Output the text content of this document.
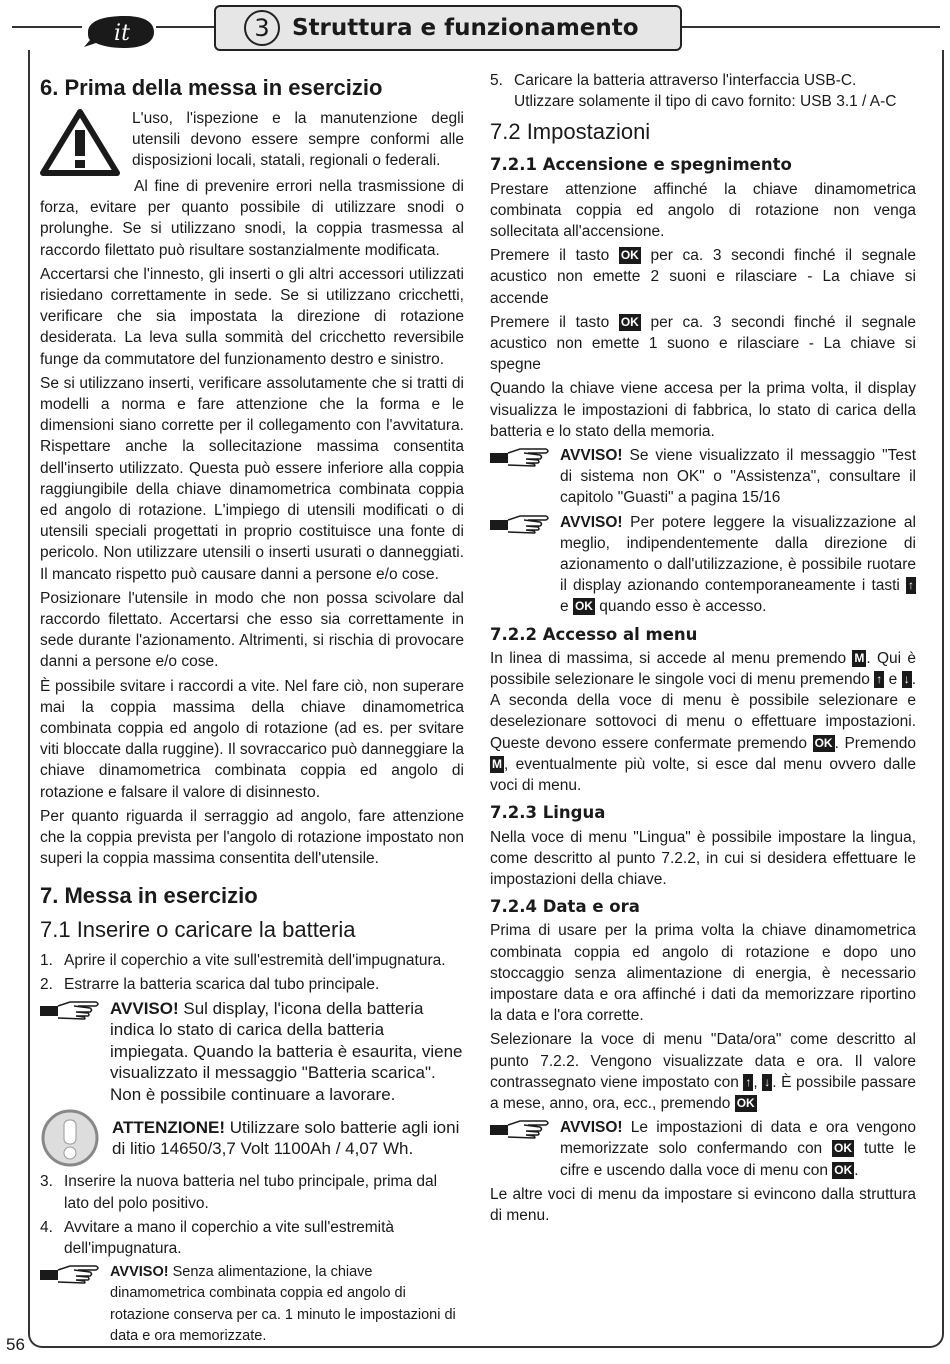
it	3 Struttura e funzionamento
56
6. Prima della messa in esercizio

L'uso, l'ispezione e la manutenzione degli utensili devono essere sempre conformi alle disposizioni locali, statali, regionali o federali.

Al fine di prevenire errori nella trasmissione di forza, evitare per quanto possibile di utilizzare snodi o prolunghe. Se si utilizzano snodi, la coppia trasmessa al raccordo filettato può risultare sostanzialmente modificata.

Accertarsi che l'innesto, gli inserti o gli altri accessori utilizzati risiedano correttamente in sede. Se si utilizzano cricchetti, verificare che sia impostata la direzione di rotazione desiderata. La leva sulla sommità del cricchetto reversibile funge da commutatore del funzionamento destro e sinistro.

Se si utilizzano inserti, verificare assolutamente che si tratti di modelli a norma e fare attenzione che la forma e le dimensioni siano corrette per il collegamento con l'avvitatura. Rispettare anche la sollecitazione massima consentita dell'inserto utilizzato. Questa può essere inferiore alla coppia raggiungibile della chiave dinamometrica combinata coppia ed angolo di rotazione. L'impiego di utensili modificati o di utensili speciali progettati in proprio costituisce una fonte di pericolo. Non utilizzare utensili o inserti usurati o danneggiati. Il mancato rispetto può causare danni a persone e/o cose.

Posizionare l'utensile in modo che non possa scivolare dal raccordo filettato. Accertarsi che esso sia correttamente in sede durante l'azionamento. Altrimenti, si rischia di provocare danni a persone e/o cose.

È possibile svitare i raccordi a vite. Nel fare ciò, non superare mai la coppia massima della chiave dinamometrica combinata coppia ed angolo di rotazione (ad es. per svitare viti bloccate dalla ruggine). Il sovraccarico può danneggiare la chiave dinamometrica combinata coppia ed angolo di rotazione e falsare il valore di disinnesto.

Per quanto riguarda il serraggio ad angolo, fare attenzione che la coppia prevista per l'angolo di rotazione impostato non superi la coppia massima consentita dell'utensile.

7. Messa in esercizio
7.1 Inserire o caricare la batteria
1. Aprire il coperchio a vite sull'estremità dell'impugnatura.
2. Estrarre la batteria scarica dal tubo principale.
AVVISO! Sul display, l'icona della batteria indica lo stato di carica della batteria impiegata. Quando la batteria è esaurita, viene visualizzato il messaggio "Batteria scarica". Non è possibile continuare a lavorare.
ATTENZIONE! Utilizzare solo batterie agli ioni di litio 14650/3,7 Volt 1100Ah / 4,07 Wh.
3. Inserire la nuova batteria nel tubo principale, prima dal lato del polo positivo.
4. Avvitare a mano il coperchio a vite sull'estremità dell'impugnatura.
AVVISO! Senza alimentazione, la chiave dinamometrica combinata coppia ed angolo di rotazione conserva per ca. 1 minuto le impostazioni di data e ora memorizzate.
5. Caricare la batteria attraverso l'interfaccia USB-C. Utlizzare solamente il tipo di cavo fornito: USB 3.1 / A-C
7.2 Impostazioni
7.2.1 Accensione e spegnimento

Prestare attenzione affinché la chiave dinamometrica combinata coppia ed angolo di rotazione non venga sollecitata all'accensione.

Premere il tasto OK per ca. 3 secondi finché il segnale acustico non emette 2 suoni e rilasciare - La chiave si accende

Premere il tasto OK per ca. 3 secondi finché il segnale acustico non emette 1 suono e rilasciare - La chiave si spegne

Quando la chiave viene accesa per la prima volta, il display visualizza le impostazioni di fabbrica, lo stato di carica della batteria e lo stato della memoria.

AVVISO! Se viene visualizzato il messaggio "Test di sistema non OK" o "Assistenza", consultare il capitolo "Guasti" a pagina 15/16
AVVISO! Per potere leggere la visualizzazione al meglio, indipendentemente dalla direzione di azionamento o dall'utilizzazione, è possibile ruotare il display azionando contemporaneamente i tasti ↑ e OK quando esso è accesso.
7.2.2 Accesso al menu

In linea di massima, si accede al menu premendo M . Qui è possibile selezionare le singole voci di menu premendo ↑ e ↓ . A seconda della voce di menu è possibile selezionare e deselezionare sottovoci di menu o effettuare impostazioni. Queste devono essere confermate premendo OK . Premendo M , eventualmente più volte, si esce dal menu ovvero dalle voci di menu.

7.2.3 Lingua

Nella voce di menu "Lingua" è possibile impostare la lingua, come descritto al punto 7.2.2, in cui si desidera effettuare le impostazioni della chiave.

7.2.4 Data e ora

Prima di usare per la prima volta la chiave dinamometrica combinata coppia ed angolo di rotazione e dopo uno stoccaggio senza alimentazione di energia, è necessario impostare data e ora affinché i dati da memorizzare riportino la data e l'ora corrette.

Selezionare la voce di menu "Data/ora" come descritto al punto 7.2.2. Vengono visualizzate data e ora. Il valore contrassegnato viene impostato con ↑ , ↓ . È possibile passare a mese, anno, ora, ecc., premendo OK

AVVISO! Le impostazioni di data e ora vengono memorizzate solo confermando con OK tutte le cifre e uscendo dalla voce di menu con OK .

Le altre voci di menu da impostare si evincono dalla struttura di menu.
